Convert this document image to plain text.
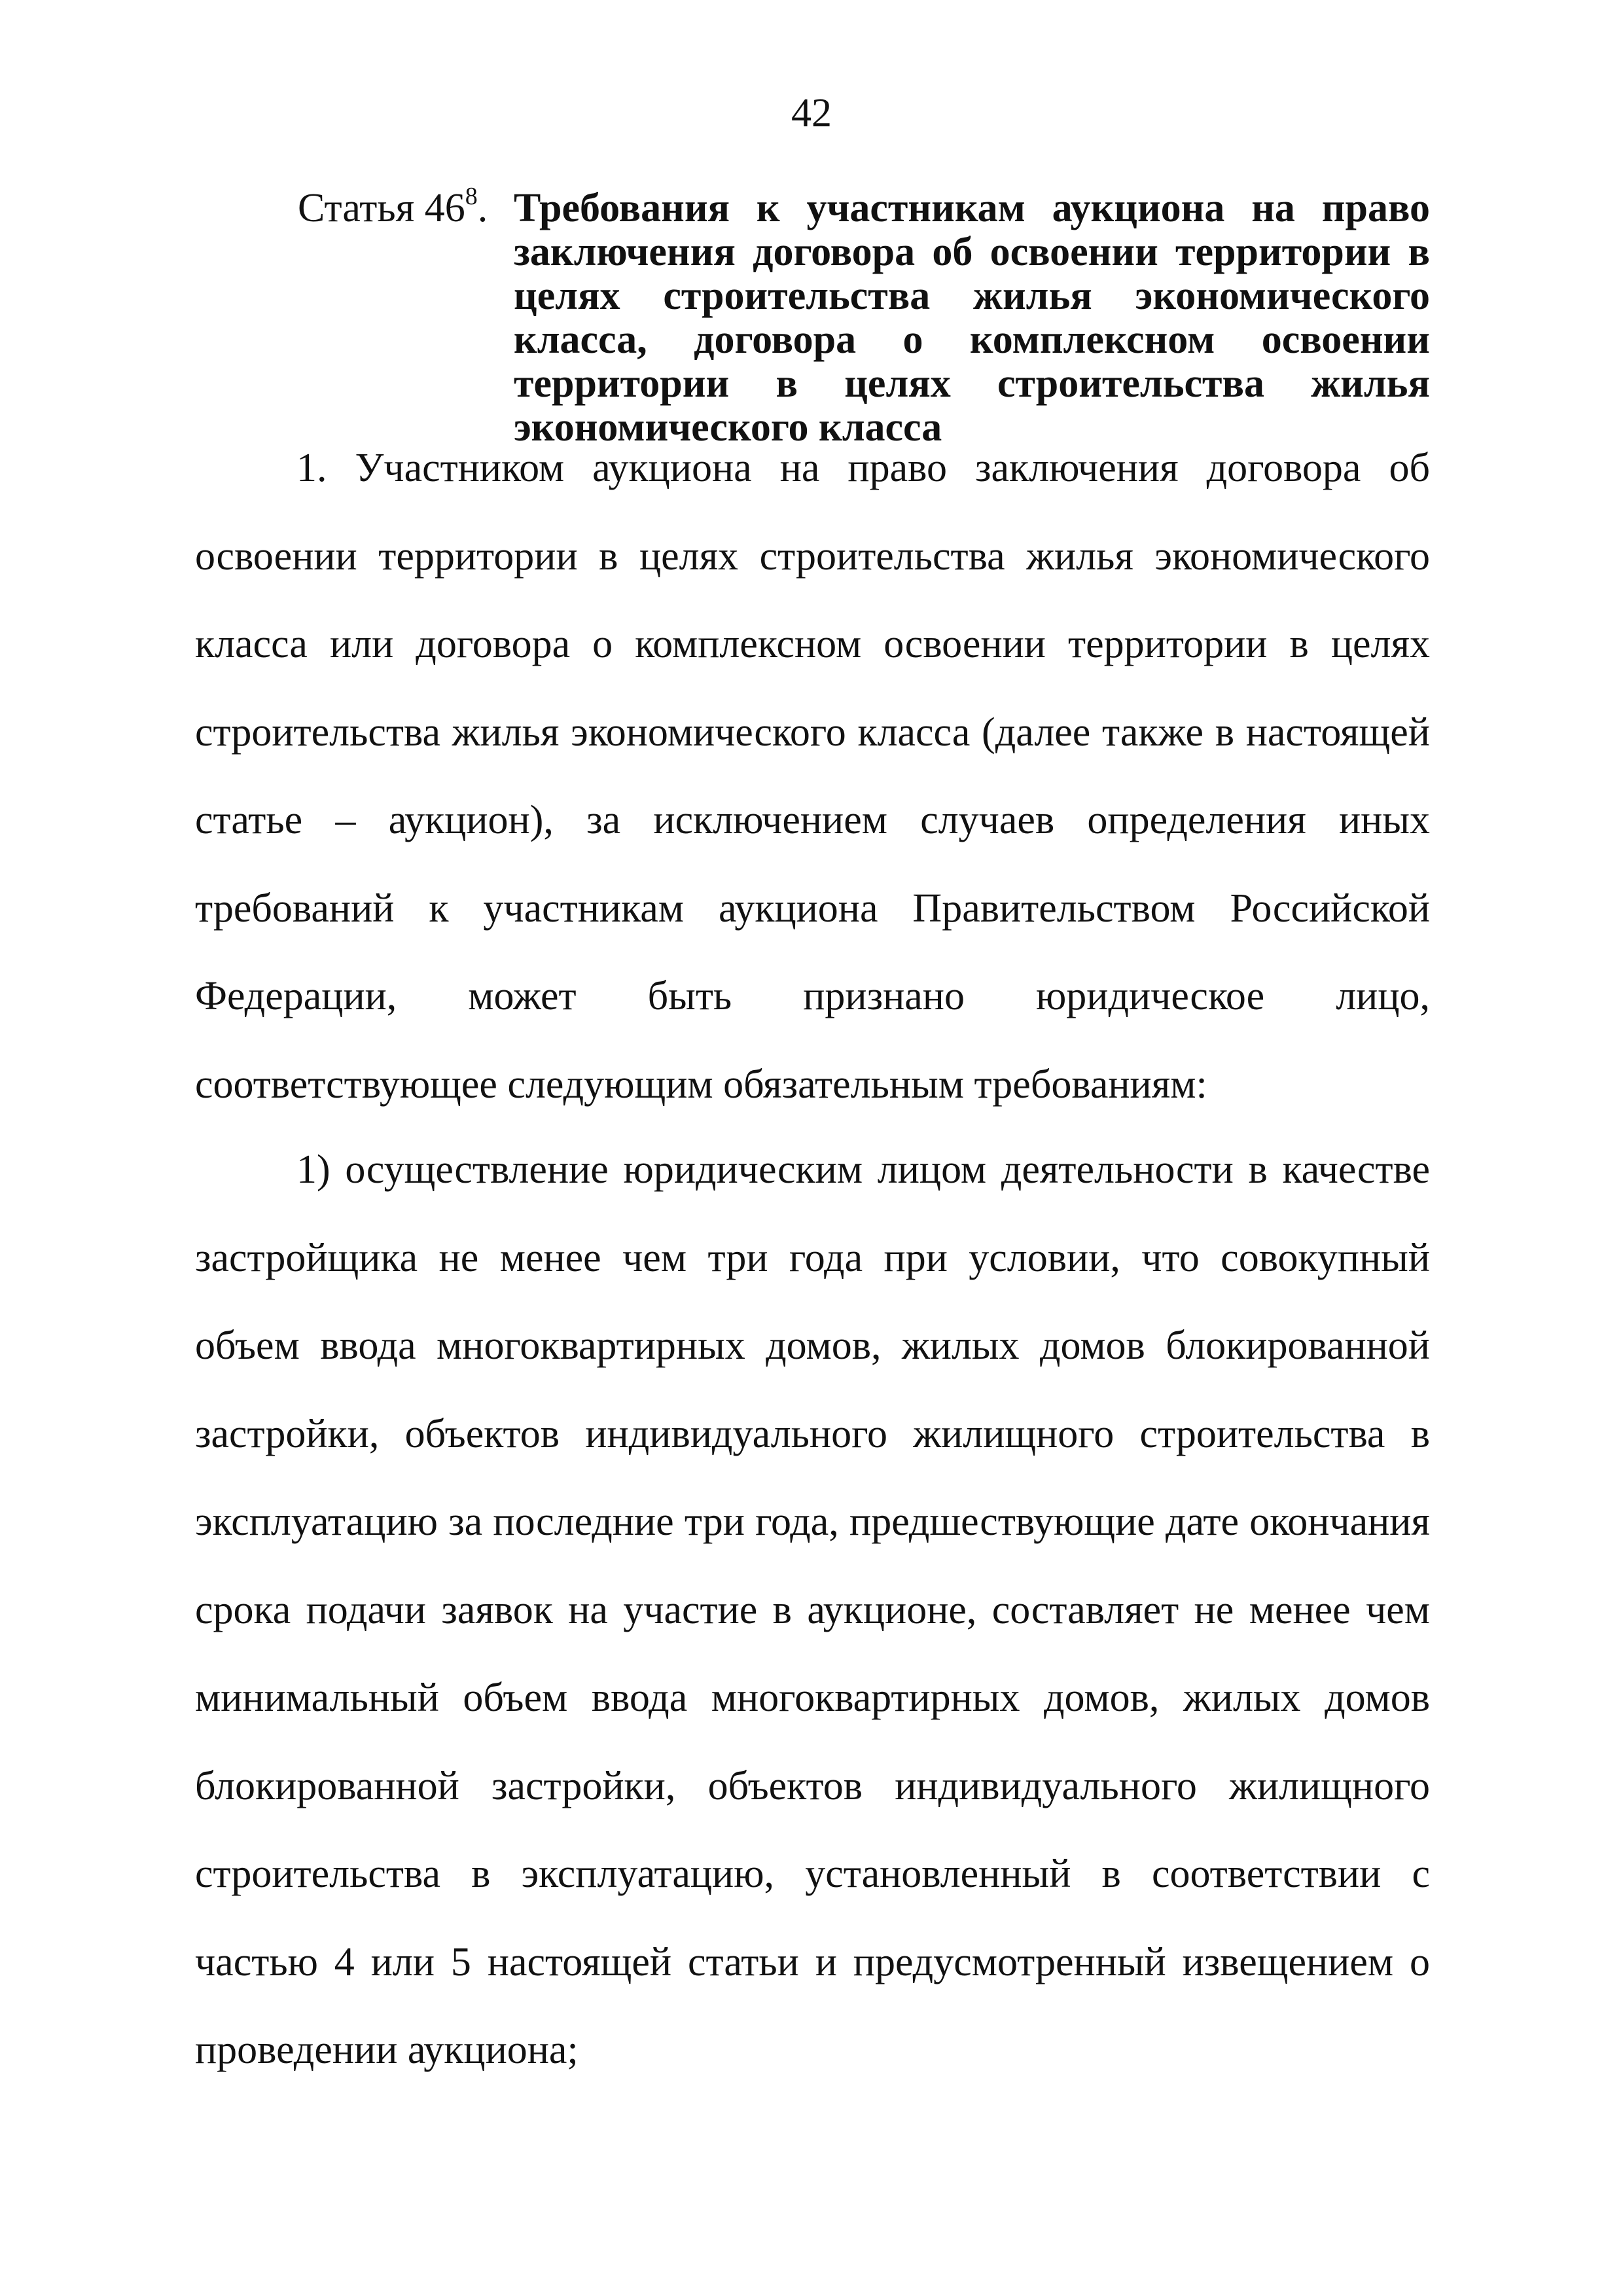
42
Статья $46^8$. Требования к участникам аукциона на право заключения договора об освоении территории в целях строительства жилья экономического класса, договора о комплексном освоении территории в целях строительства жилья экономического класса

1. Участником аукциона на право заключения договора об освоении территории в целях строительства жилья экономического класса или договора о комплексном освоении территории в целях строительства жилья экономического класса (далее также в настоящей статье – аукцион), за исключением случаев определения иных требований к участникам аукциона Правительством Российской Федерации, может быть признано юридическое лицо, соответствующее следующим обязательным требованиям:

1) осуществление юридическим лицом деятельности в качестве застройщика не менее чем три года при условии, что совокупный объем ввода многоквартирных домов, жилых домов блокированной застройки, объектов индивидуального жилищного строительства в эксплуатацию за последние три года, предшествующие дате окончания срока подачи заявок на участие в аукционе, составляет не менее чем минимальный объем ввода многоквартирных домов, жилых домов блокированной застройки, объектов индивидуального жилищного строительства в эксплуатацию, установленный в соответствии с частью 4 или 5 настоящей статьи и предусмотренный извещением о проведении аукциона;
